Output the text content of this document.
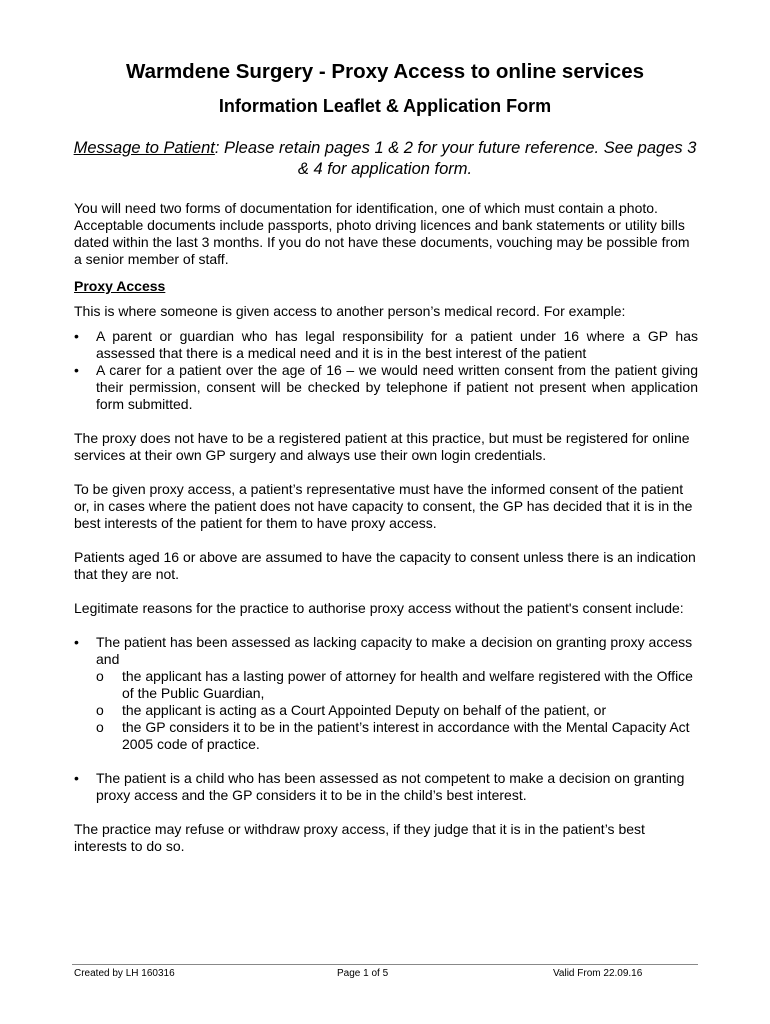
Warmdene Surgery - Proxy Access to online services
Information Leaflet & Application Form

Message to Patient: Please retain pages 1 & 2 for your future reference. See pages 3 & 4 for application form.

You will need two forms of documentation for identification, one of which must contain a photo. Acceptable documents include passports, photo driving licences and bank statements or utility bills dated within the last 3 months. If you do not have these documents, vouching may be possible from a senior member of staff.

Proxy Access

This is where someone is given access to another person’s medical record. For example:

• A parent or guardian who has legal responsibility for a patient under 16 where a GP has assessed that there is a medical need and it is in the best interest of the patient
• A carer for a patient over the age of 16 – we would need written consent from the patient giving their permission, consent will be checked by telephone if patient not present when application form submitted.

The proxy does not have to be a registered patient at this practice, but must be registered for online services at their own GP surgery and always use their own login credentials.

To be given proxy access, a patient’s representative must have the informed consent of the patient or, in cases where the patient does not have capacity to consent, the GP has decided that it is in the best interests of the patient for them to have proxy access.

Patients aged 16 or above are assumed to have the capacity to consent unless there is an indication that they are not.

Legitimate reasons for the practice to authorise proxy access without the patient's consent include:

• The patient has been assessed as lacking capacity to make a decision on granting proxy access and
o the applicant has a lasting power of attorney for health and welfare registered with the Office of the Public Guardian,
o the applicant is acting as a Court Appointed Deputy on behalf of the patient, or
o the GP considers it to be in the patient’s interest in accordance with the Mental Capacity Act 2005 code of practice.
• The patient is a child who has been assessed as not competent to make a decision on granting proxy access and the GP considers it to be in the child’s best interest.

The practice may refuse or withdraw proxy access, if they judge that it is in the patient’s best interests to do so.

Created by LH 160316	Page 1 of 5	Valid From 22.09.16
